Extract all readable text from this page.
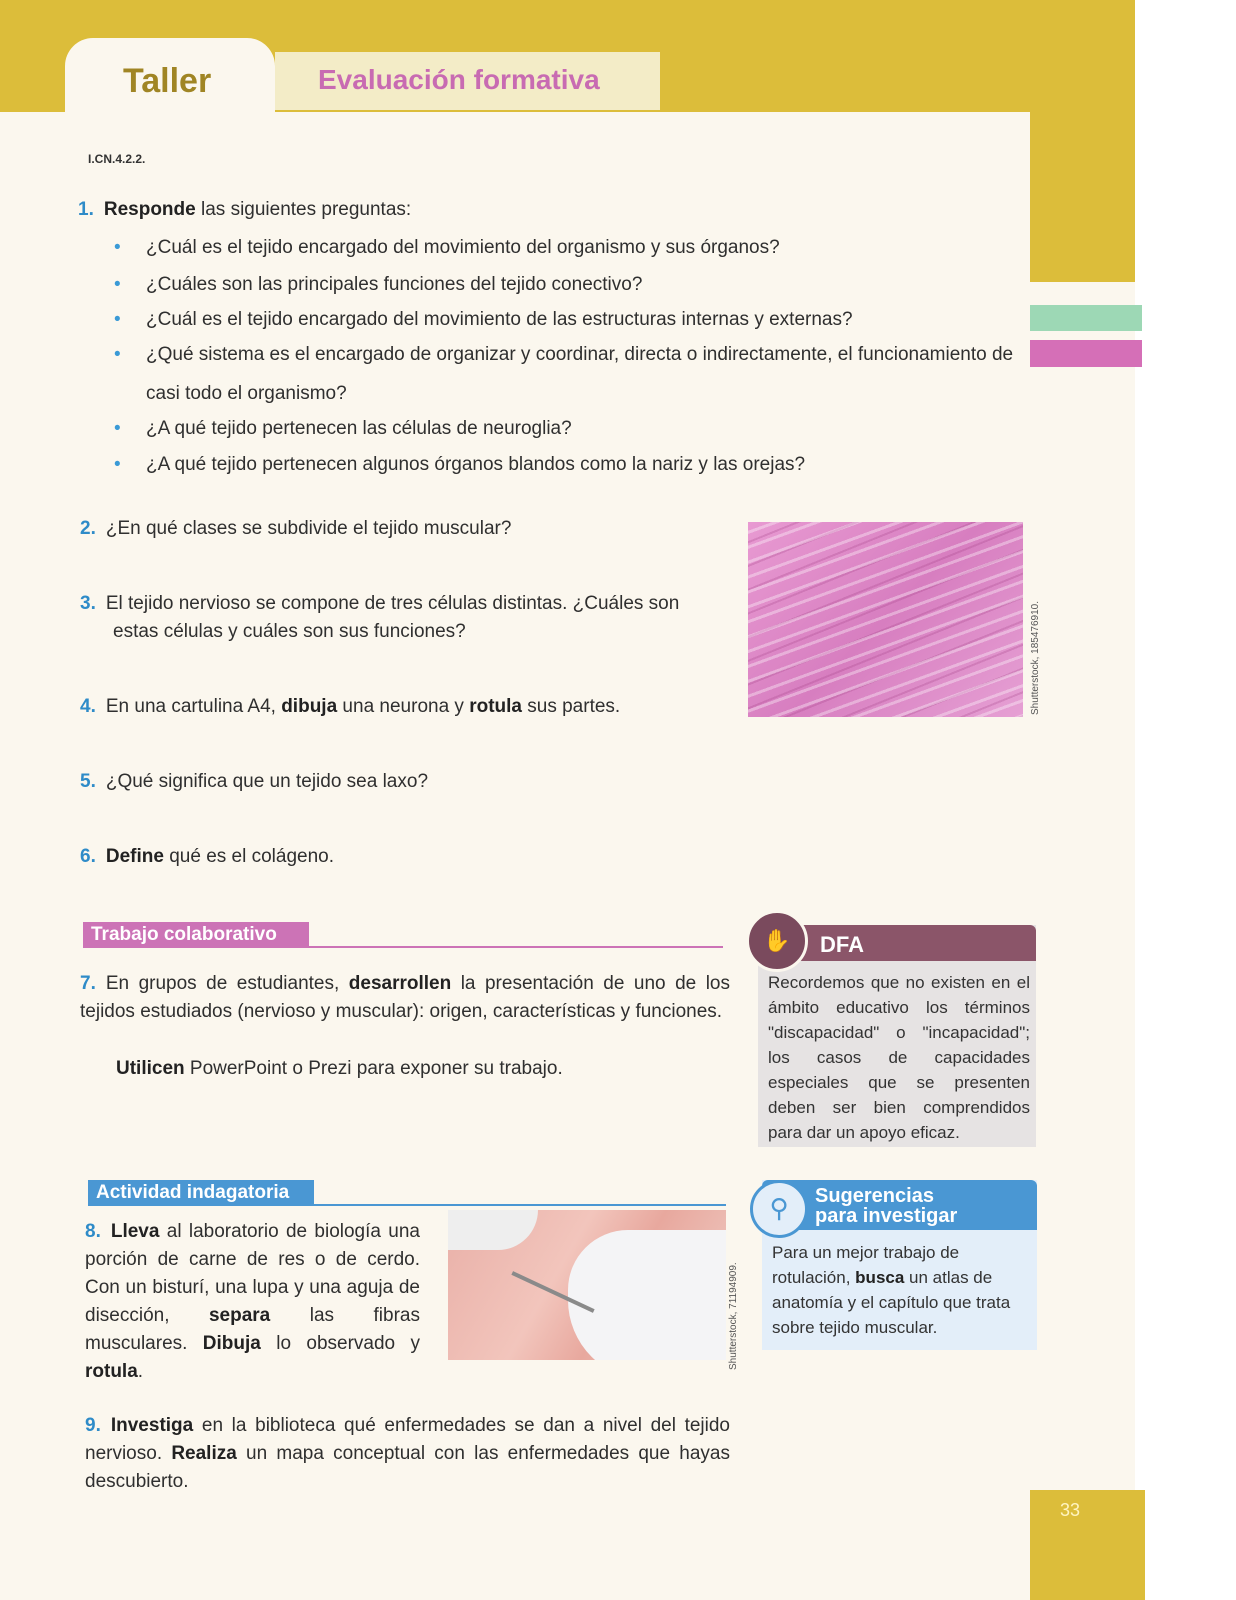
33
Taller	Evaluación formativa
I.CN.4.2.2.
1. Responde las siguientes preguntas:
• ¿Cuál es el tejido encargado del movimiento del organismo y sus órganos?
• ¿Cuáles son las principales funciones del tejido conectivo?
• ¿Cuál es el tejido encargado del movimiento de las estructuras internas y externas?
• ¿Qué sistema es el encargado de organizar y coordinar, directa o indirectamente, el funcionamiento de
casi todo el organismo?
• ¿A qué tejido pertenecen las células de neuroglia?
• ¿A qué tejido pertenecen algunos órganos blandos como la nariz y las orejas?
2. ¿En qué clases se subdivide el tejido muscular?
Shutterstock, 185476910.
3. El tejido nervioso se compone de tres células distintas. ¿Cuáles son
estas células y cuáles son sus funciones?
4. En una cartulina A4, dibuja una neurona y rotula sus partes.
5. ¿Qué significa que un tejido sea laxo?
6. Define qué es el colágeno.
Trabajo colaborativo
7. En grupos de estudiantes, desarrollen la presentación de uno de los tejidos estudiados (nervioso y muscular): origen, características y funciones.
Utilicen PowerPoint o Prezi para exponer su trabajo.
✋	DFA
Recordemos que no existen en el ámbito educativo los términos "discapacidad" o "incapacidad"; los casos de capacidades especiales que se presenten deben ser bien comprendidos para dar un apoyo eficaz.
Actividad indagatoria
8. Lleva al laboratorio de biología una porción de carne de res o de cerdo. Con un bisturí, una lupa y una aguja de disección, separa las fibras musculares. Dibuja lo observado y rotula.
Shutterstock, 71194909.
⚲	Sugerencias
para investigar
Para un mejor trabajo de rotulación, busca un atlas de anatomía y el capítulo que trata sobre tejido muscular.
9. Investiga en la biblioteca qué enfermedades se dan a nivel del tejido nervioso. Realiza un mapa conceptual con las enfermedades que hayas descubierto.
